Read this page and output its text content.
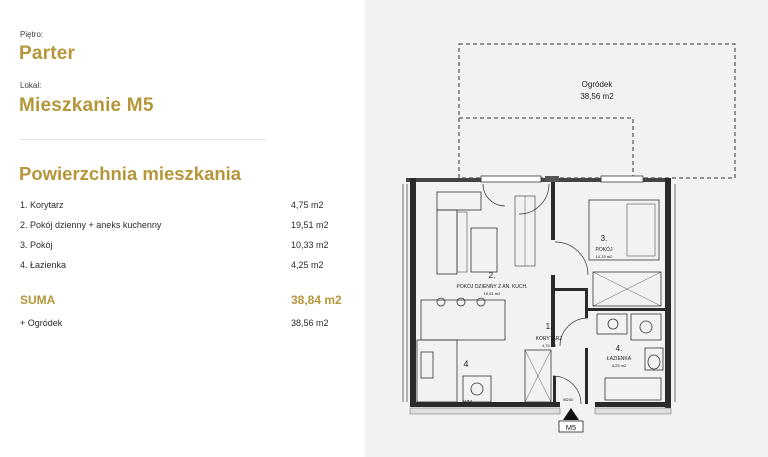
Piętro:
Parter
Lokal:
Mieszkanie M5
Powierzchnia mieszkania
1. Korytarz	4,75 m2
2. Pokój dzienny + aneks kuchenny	19,51 m2
3. Pokój	10,33 m2
4. Łazienka	4,25 m2
SUMA	38,84 m2
+ Ogródek	38,56 m2
Ogródek
38,56 m2
4
WM
2.
POKÓJ DZIENNY Z AN. KUCH.
19,51 m2
3.
POKÓJ
10,33 m2
1.
KORYTARZ
4,75 m2	4.
ŁAZIENKA
4,25 m2
90 200
M5
